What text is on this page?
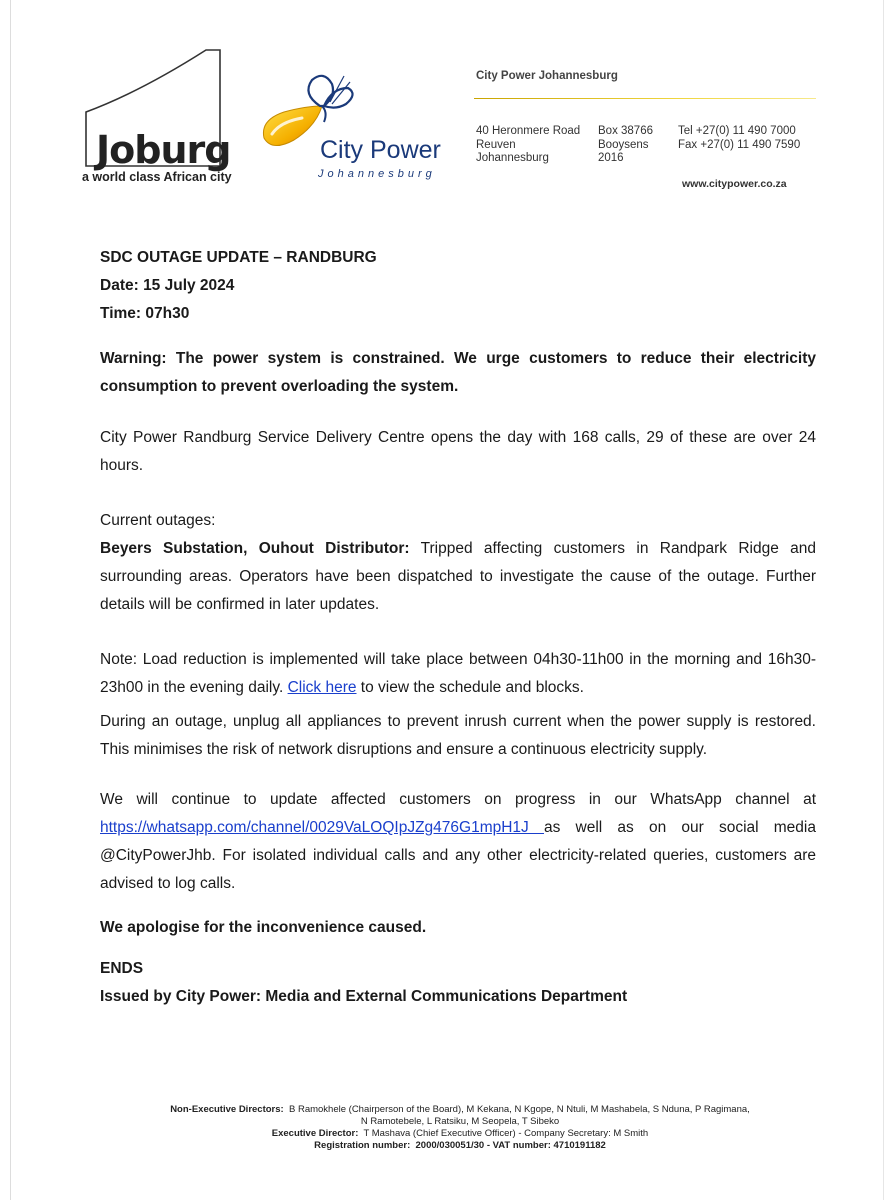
Joburg
a world class African city
City Power
Johannesburg
City Power Johannesburg
40 Heronmere Road
Reuven
Johannesburg
Box 38766
Booysens
2016
Tel +27(0) 11 490 7000
Fax +27(0) 11 490 7590
www.citypower.co.za
SDC OUTAGE UPDATE – RANDBURG
Date: 15 July 2024
Time: 07h30
Warning: The power system is constrained. We urge customers to reduce their electricity consumption to prevent overloading the system.
City Power Randburg Service Delivery Centre opens the day with 168 calls, 29 of these are over 24 hours.
Current outages:
Beyers Substation, Ouhout Distributor: Tripped affecting customers in Randpark Ridge and surrounding areas. Operators have been dispatched to investigate the cause of the outage. Further details will be confirmed in later updates.
Note: Load reduction is implemented will take place between 04h30-11h00 in the morning and 16h30-23h00 in the evening daily. Click here to view the schedule and blocks.
During an outage, unplug all appliances to prevent inrush current when the power supply is restored. This minimises the risk of network disruptions and ensure a continuous electricity supply.
We will continue to update affected customers on progress in our WhatsApp channel at https://whatsapp.com/channel/0029VaLOQIpJZg476G1mpH1J as well as on our social media @CityPowerJhb. For isolated individual calls and any other electricity-related queries, customers are advised to log calls.
We apologise for the inconvenience caused.
ENDS
Issued by City Power: Media and External Communications Department
Non-Executive Directors: B Ramokhele (Chairperson of the Board), M Kekana, N Kgope, N Ntuli, M Mashabela, S Nduna, P Ragimana,
N Ramotebele, L Ratsiku, M Seopela, T Sibeko
Executive Director: T Mashava (Chief Executive Officer) - Company Secretary: M Smith
Registration number: 2000/030051/30 - VAT number: 4710191182
